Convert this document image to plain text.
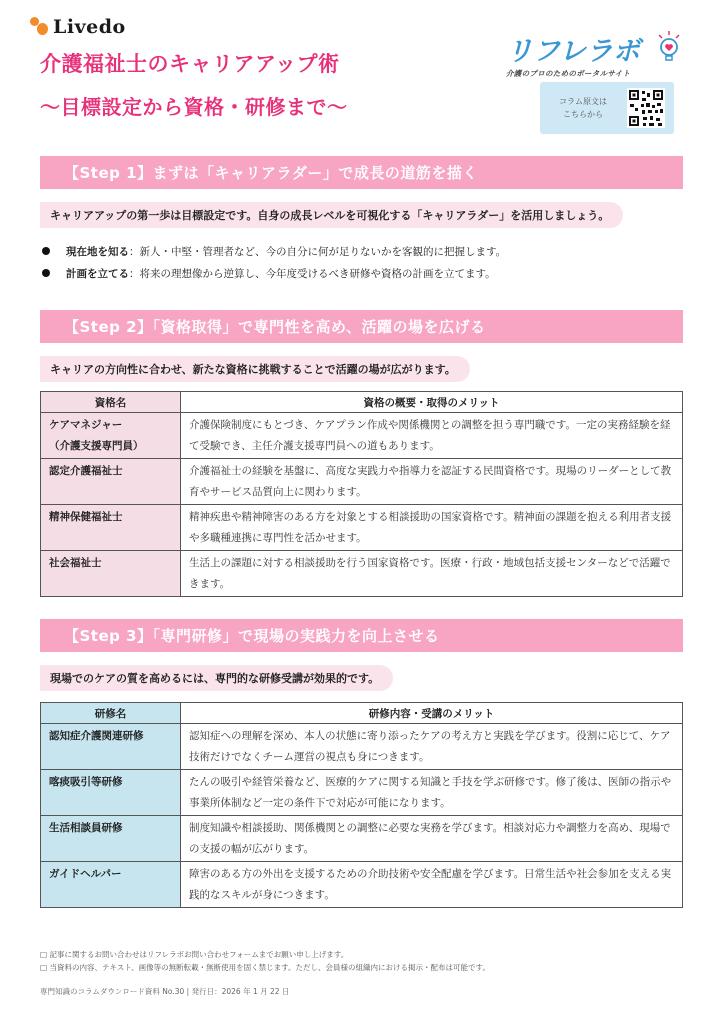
Livedo
介護福祉士のキャリアアップ術
〜目標設定から資格・研修まで〜
リフレラボ
介護のプロのためのポータルサイト
コラム原文は
こちらから
【Step 1】まずは「キャリアラダー」で成長の道筋を描く
キャリアアップの第一歩は目標設定です。自身の成長レベルを可視化する「キャリアラダー」を活用しましょう。
現在地を知る ：新人・中堅・管理者など、今の自分に何が足りないかを客観的に把握します。
計画を立てる ：将来の理想像から逆算し、今年度受けるべき研修や資格の計画を立てます。
【Step 2】「資格取得」で専門性を高め、活躍の場を広げる
キャリアの方向性に合わせ、新たな資格に挑戦することで活躍の場が広がります。
資格名	資格の概要・取得のメリット
ケアマネジャー
（介護支援専門員）	介護保険制度にもとづき、ケアプラン作成や関係機関との調整を担う専門職です。一定の実務経験を経て受験でき、主任介護支援専門員への道もあります。
認定介護福祉士	介護福祉士の経験を基盤に、高度な実践力や指導力を認証する民間資格です。現場のリーダーとして教育やサービス品質向上に関わります。
精神保健福祉士	精神疾患や精神障害のある方を対象とする相談援助の国家資格です。精神面の課題を抱える利用者支援や多職種連携に専門性を活かせます。
社会福祉士	生活上の課題に対する相談援助を行う国家資格です。医療・行政・地域包括支援センターなどで活躍できます。
【Step 3】「専門研修」で現場の実践力を向上させる
現場でのケアの質を高めるには、専門的な研修受講が効果的です。
研修名	研修内容・受講のメリット
認知症介護関連研修	認知症への理解を深め、本人の状態に寄り添ったケアの考え方と実践を学びます。役割に応じて、ケア技術だけでなくチーム運営の視点も身につきます。
喀痰吸引等研修	たんの吸引や経管栄養など、医療的ケアに関する知識と手技を学ぶ研修です。修了後は、医師の指示や事業所体制など一定の条件下で対応が可能になります。
生活相談員研修	制度知識や相談援助、関係機関との調整に必要な実務を学びます。相談対応力や調整力を高め、現場での支援の幅が広がります。
ガイドヘルパー	障害のある方の外出を支援するための介助技術や安全配慮を学びます。日常生活や社会参加を支える実践的なスキルが身につきます。
□ 記事に関するお問い合わせはリフレラボお問い合わせフォームまでお願い申し上げます。
□ 当資料の内容、テキスト、画像等の無断転載・無断使用を固く禁じます。ただし、会員様の組織内における掲示・配布は可能です。
専門知識のコラムダウンロード資料 No.30 | 発行日：2026 年 1 月 22 日
